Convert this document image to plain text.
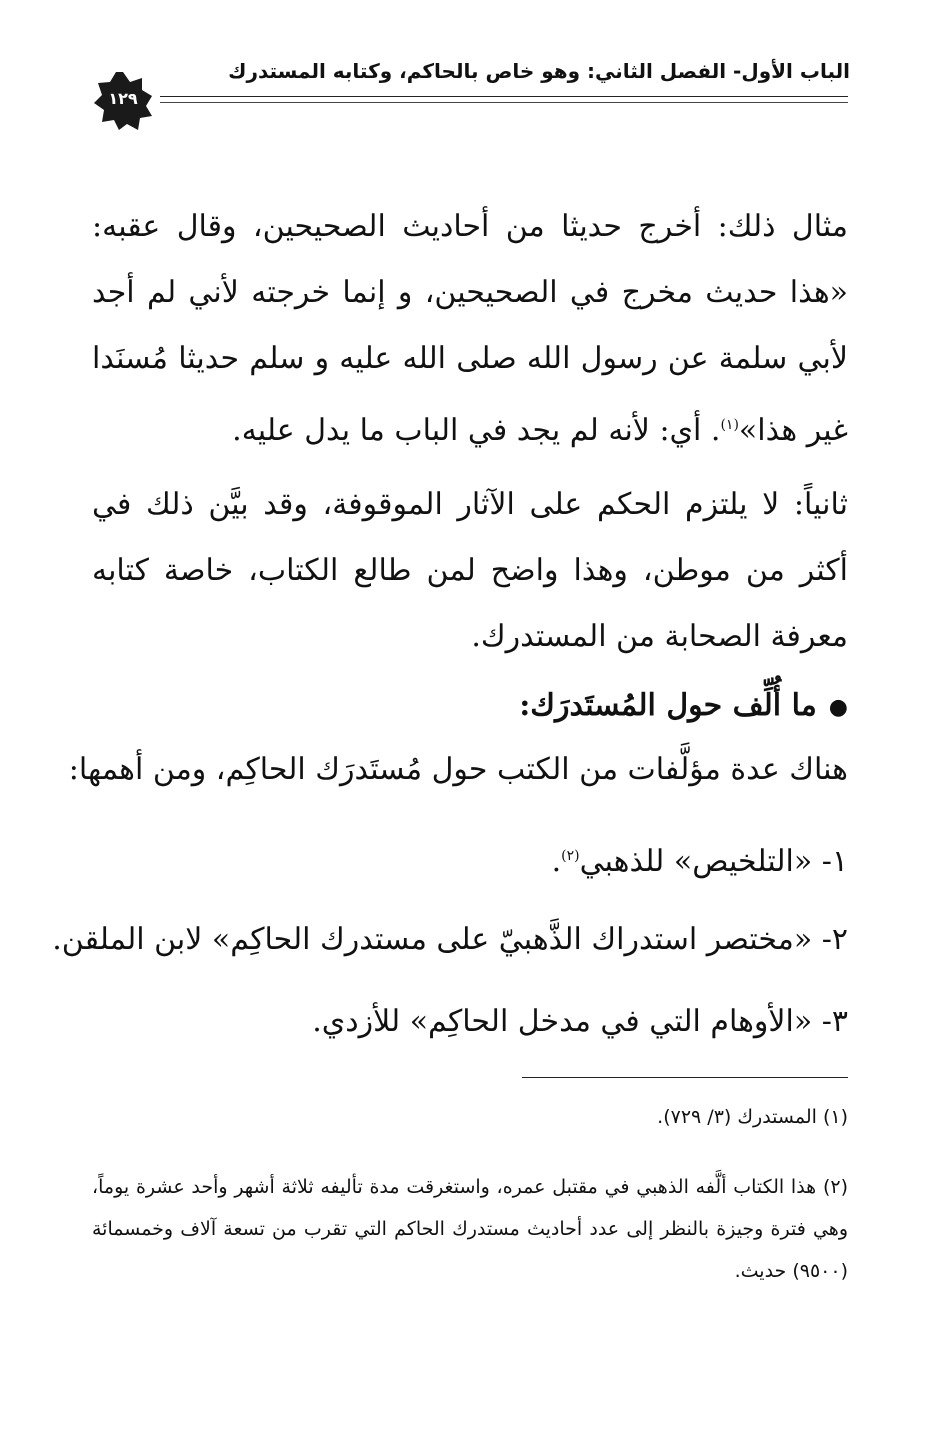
الباب الأول- الفصل الثاني: وهو خاص بالحاكم، وكتابه المستدرك
١٢٩
مثال ذلك: أخرج حديثا من أحاديث الصحيحين، وقال عقبه: «هذا حديث مخرج في الصحيحين، و إنما خرجته لأني لم أجد لأبي سلمة عن رسول الله صلى الله عليه و سلم حديثا مُسنَدا غير هذا»$^{(١)}$. أي: لأنه لم يجد في الباب ما يدل عليه.
ثانياً: لا يلتزم الحكم على الآثار الموقوفة، وقد بيَّن ذلك في أكثر من موطن، وهذا واضح لمن طالع الكتاب، خاصة كتابه معرفة الصحابة من المستدرك.
●ما أُلِّف حول المُستَدرَك:
هناك عدة مؤلَّفات من الكتب حول مُستَدرَك الحاكِم، ومن أهمها:
١- «التلخيص» للذهبي$^{(٢)}$.
٢- «مختصر استدراك الذَّهبيّ على مستدرك الحاكِم» لابن الملقن.
٣- «الأوهام التي في مدخل الحاكِم» للأزدي.
(١) المستدرك (٣/ ٧٢٩).
(٢) هذا الكتاب ألَّفه الذهبي في مقتبل عمره، واستغرقت مدة تأليفه ثلاثة أشهر وأحد عشرة يوماً، وهي فترة وجيزة بالنظر إلى عدد أحاديث مستدرك الحاكم التي تقرب من تسعة آلاف وخمسمائة (٩٥٠٠) حديث.
